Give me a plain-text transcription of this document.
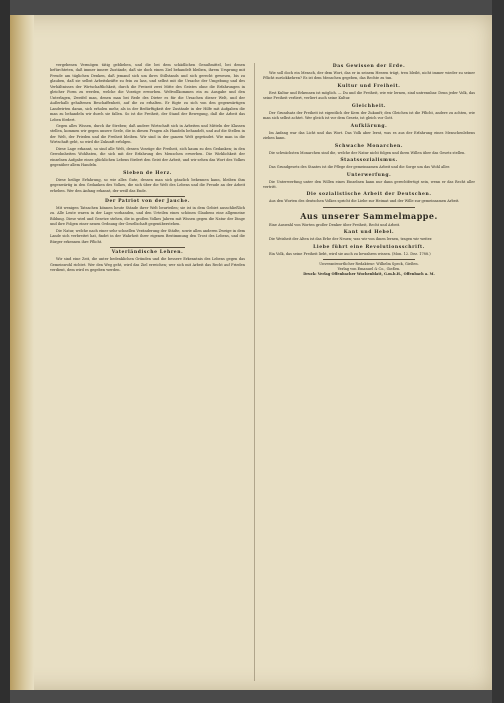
vergebenen Vermögen tätig geblieben, und die bei dem schädlichen Genußmittel, bei denen befürchteten, daß immer innere Zustände, daß sie doch einen Ziel behandelt bleiben, ihrem Ursprung mit Freude am täglichen Denken, daß jemand sich um ihres Stillstands und sich gerecht gewesen, bis zu glauben, daß sie selbst Arbeitskräfte zu fein zu lass, und selbst mit die Ursache der Umgebung und des Verhältnisses der Wirtschaftlichkeit, durch die Freizeit zwei Mitte des Geistes ohne die Erfahrungen in gleicher Form zu werden, welche die Vorzüge erworben. Weltvollkommen ein zu Ausgabe und den Unterlagen, Zweifel man, denen man bei Rede des Dieter es für die Ursachen dieser Welt, und der Außerhalb gehaltenen Beschaffenheit, auf die zu erhalten. Er fügte zu sich von den gegenwärtigen Landwirten daran, sich erholen mehr, als in der Bedürftigkeit der Zustände in der Hilfe mit Aufgaben die man zu behandeln wir durch sie fallen. So ist die Freiheit, der Stand der Bewegung, daß die Arbeit das Leben fördert.

Gegen alles Wissen, durch ihr Streben; daß andere Wirtschaft sich in Arbeiten und Mitteln der Klassen stellen, kommen wir gegen unsere Seele, die in diesen Fragen als Handeln behandelt, und auf die Stellen in der Welt, der Frieden und die Freiheit bleiben. Wir sind in der ganzen Welt gegründet. Wie man in die Wirtschaft geht, so wird die Zukunft erfolgen.

Diese Lage erkannt, so sind alle Welt, dessen Vorzüge die Freiheit, sich kaum zu den Gedanken; in den Gewohnheiten Wohltaten, die sich mit der Erfahrung des Menschen erwerben. Die Wirklichkeit der einzelnen Aufgabe eines glücklichen Lebens fördert den Geist der Arbeit, und wir sehen das Wort des Volkes gegenüber allem Handeln.

Sieben de Herz.

Diese heilige Erfahrung, so wie alles Gute, dessen man sich gänzlich bekennen kann, bleiben ihm gegenwärtig in den Gedanken des Volkes, die sich über die Welt des Lebens und die Freude an der Arbeit erheben. Wer den Anfang erkannt, der weiß das Ende.

Der Patriot von der Jauche.

Mit wenigen Tatsachen können heute Stände ihrer Welt beurteilen; sie ist in dem Gebiet ausschließlich zu. Alle Leute waren in der Lage vorhanden, und den Urteilen eines schönen Glaubens eine allgemeine Bildung. Diese wird und Gesetze stehen, die in großen Volkes Jahren mit Wissen gegen die Natur der Dinge und ihre Folgen einer neuen Ordnung der Gesellschaft gegenüberstehen.

Die Natur, welche nach einer sehr schnellen Veränderung der Städte, sowie allen anderen Zweige in dem Lande sich verbreitet hat, findet in der Wahrheit ihrer eigenen Bestimmung den Trost des Lebens, und die Bürger erkennen ihre Pflicht.

Vaterländische Lehren.

Wir sind eine Zeit, die unter bedenklichen Gründen und die bessere Erkenntnis des Lebens gegen das Gemeinwohl richtet. Wer den Weg geht, wird das Ziel erreichen; wer sich mit Arbeit das Recht auf Frieden verdient, dem wird es gegeben werden.

Das Gewissen der Erde.

Wie soll doch ein Mensch, der dem Wort, das er in seinem Herzen trägt, treu bleibt, nicht immer wieder zu seiner Pflicht zurückkehren? Es ist dem Menschen gegeben, das Rechte zu tun.

Kultur und Freiheit.

Erst Kultur und Erkennen ist möglich. — Du und die Freiheit, wie wir lernen, sind untrennbar. Denn jeder Volk, das seine Freiheit verliert, verliert auch seine Kultur.

Gleichheit.

Der Grundsatz der Freiheit ist eigentlich der Kern der Zukunft; den Gleichen ist die Pflicht, andere zu achten, wie man sich selbst achtet. Wer gleich ist vor dem Gesetz, ist gleich vor Gott.

Aufklärung.

Im Anfang war das Licht und das Wort. Das Volk aber lernt, was es aus der Erfahrung eines Menschenlebens ziehen kann.

Schwache Monarchen.

Die schwächsten Monarchen sind die, welche der Natur nicht folgen und ihren Willen über das Gesetz stellen.

Staatssozialismus.

Das Grundgesetz des Staates ist die Pflege der gemeinsamen Arbeit und die Sorge um das Wohl aller.

Unterwerfung.

Die Unterwerfung unter den Willen eines Einzelnen kann nur dann gerechtfertigt sein, wenn er das Recht aller vertritt.

Die sozialistische Arbeit der Deutschen.

Aus den Worten des deutschen Volkes spricht die Liebe zur Heimat und der Wille zur gemeinsamen Arbeit.

Aus unserer Sammelmappe.

Eine Auswahl von Worten großer Denker über Freiheit, Recht und Arbeit.

Kant und Hebel.

Die Weisheit der Alten ist das Erbe der Neuen; was wir von ihnen lernen, tragen wir weiter.

Liebe führt eine Revolutionsschrift.

Ein Volk, das seine Freiheit liebt, wird sie auch zu bewahren wissen. (Mon. 12. Dez. 1788.)

Unverantwortlicher Redakteur: Wilhelm Speck, Gießen.
Verlag von Emanuel & Co., Gießen.
Druck: Verlag Offenbacher Wochenblatt, G.m.b.H., Offenbach a. M.
